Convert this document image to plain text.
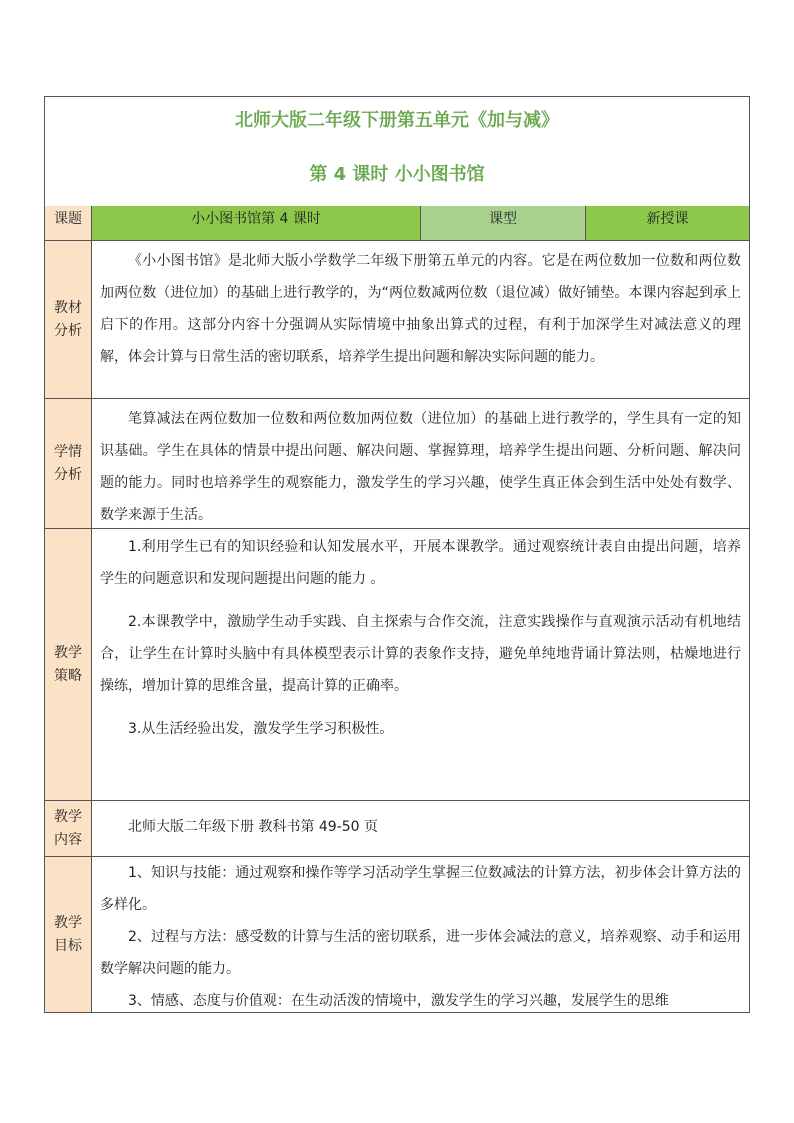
北师大版二年级下册第五单元《加与减》
第 4 课时 小小图书馆
课题	小小图书馆第 4 课时	课型	新授课
教材分析

《小小图书馆》是北师大版小学数学二年级下册第五单元的内容。它是在两位数加一位数和两位数加两位数（进位加）的基础上进行教学的，为“两位数减两位数（退位减）做好铺垫。本课内容起到承上启下的作用。这部分内容十分强调从实际情境中抽象出算式的过程，有利于加深学生对减法意义的理解，体会计算与日常生活的密切联系，培养学生提出问题和解决实际问题的能力。

学情分析

笔算减法在两位数加一位数和两位数加两位数（进位加）的基础上进行教学的，学生具有一定的知识基础。学生在具体的情景中提出问题、解决问题、掌握算理，培养学生提出问题、分析问题、解决问题的能力。同时也培养学生的观察能力，激发学生的学习兴趣，使学生真正体会到生活中处处有数学、数学来源于生活。

教学策略

1.利用学生已有的知识经验和认知发展水平，开展本课教学。通过观察统计表自由提出问题，培养学生的问题意识和发现问题提出问题的能力 。

2.本课教学中，激励学生动手实践、自主探索与合作交流，注意实践操作与直观演示活动有机地结合，让学生在计算时头脑中有具体模型表示计算的表象作支持，避免单纯地背诵计算法则，枯燥地进行操练，增加计算的思维含量，提高计算的正确率。

3.从生活经验出发，激发学生学习积极性。

教学内容

北师大版二年级下册 教科书第 49-50 页

教学目标

1、知识与技能：通过观察和操作等学习活动学生掌握三位数减法的计算方法，初步体会计算方法的多样化。

2、过程与方法：感受数的计算与生活的密切联系，进一步体会减法的意义，培养观察、动手和运用数学解决问题的能力。

3、情感、态度与价值观：在生动活泼的情境中，激发学生的学习兴趣，发展学生的思维
